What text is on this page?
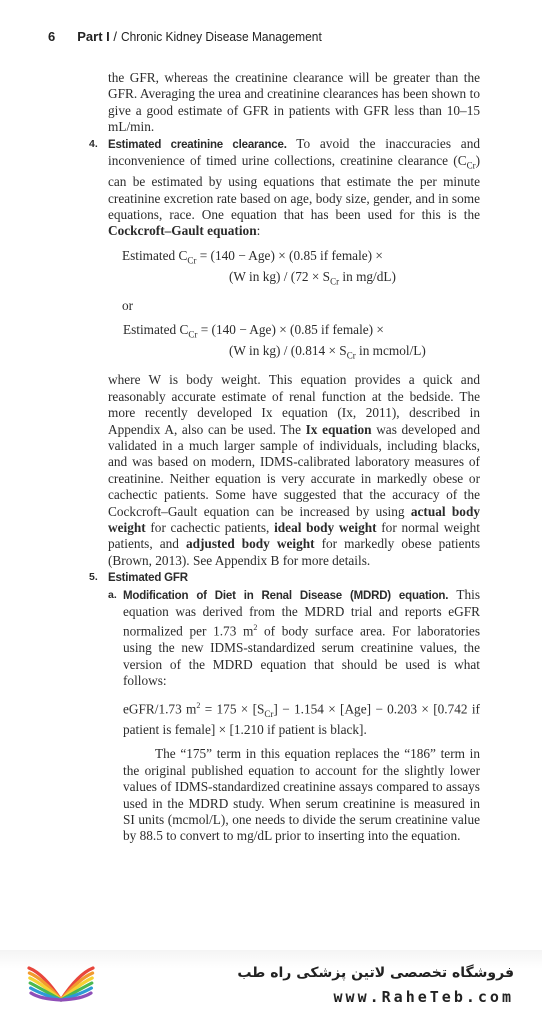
6 Part I / Chronic Kidney Disease Management

the GFR, whereas the creatinine clearance will be greater than the GFR. Averaging the urea and creatinine clearances has been shown to give a good estimate of GFR in patients with GFR less than 10–15 mL/min.

4. Estimated creatinine clearance. To avoid the inaccuracies and inconvenience of timed urine collections, creatinine clearance $(C_{Cr})$ can be estimated by using equations that estimate the per minute creatinine excretion rate based on age, body size, gender, and in some equations, race. One equation that has been used for this is the Cockcroft–Gault equation:

Estimated $C_{Cr} = (140 - Age) \times (0.85$ if female) ×
(W in $kg) / (72 \times S_{Cr}$ in mg/dL)
or
Estimated $C_{Cr} = (140 - Age) \times (0.85$ if female) ×
(W in $kg) / (0.814 \times S_{Cr}$ in mcmol/L)

where W is body weight. This equation provides a quick and reasonably accurate estimate of renal function at the bedside. The more recently developed Ix equation (Ix, 2011), described in Appendix A, also can be used. The Ix equation was developed and validated in a much larger sample of individuals, including blacks, and was based on modern, IDMS-calibrated laboratory measures of creatinine. Neither equation is very accurate in markedly obese or cachectic patients. Some have suggested that the accuracy of the Cockcroft–Gault equation can be increased by using actual body weight for cachectic patients, ideal body weight for normal weight patients, and adjusted body weight for markedly obese patients (Brown, 2013). See Appendix B for more details.

5. Estimated GFR

a. Modification of Diet in Renal Disease (MDRD) equation. This equation was derived from the MDRD trial and reports eGFR normalized per 1.73 $m^2$ of body surface area. For laboratories using the new IDMS-standardized serum creatinine values, the version of the MDRD equation that should be used is what follows:

eGFR/1.73 $m^2 = 175 \times [S_{Cr}] - 1.154 \times [Age] - 0.203 \times [0.742$ if patient is female] × [1.210 if patient is black].

The “175” term in this equation replaces the “186” term in the original published equation to account for the slightly lower values of IDMS-standardized creatinine assays compared to assays used in the MDRD study. When serum creatinine is measured in SI units (mcmol/L), one needs to divide the serum creatinine value by 88.5 to convert to mg/dL prior to inserting into the equation.

فروشگاه تخصصی لاتین پزشکی راه طب
www.RaheTeb.com
